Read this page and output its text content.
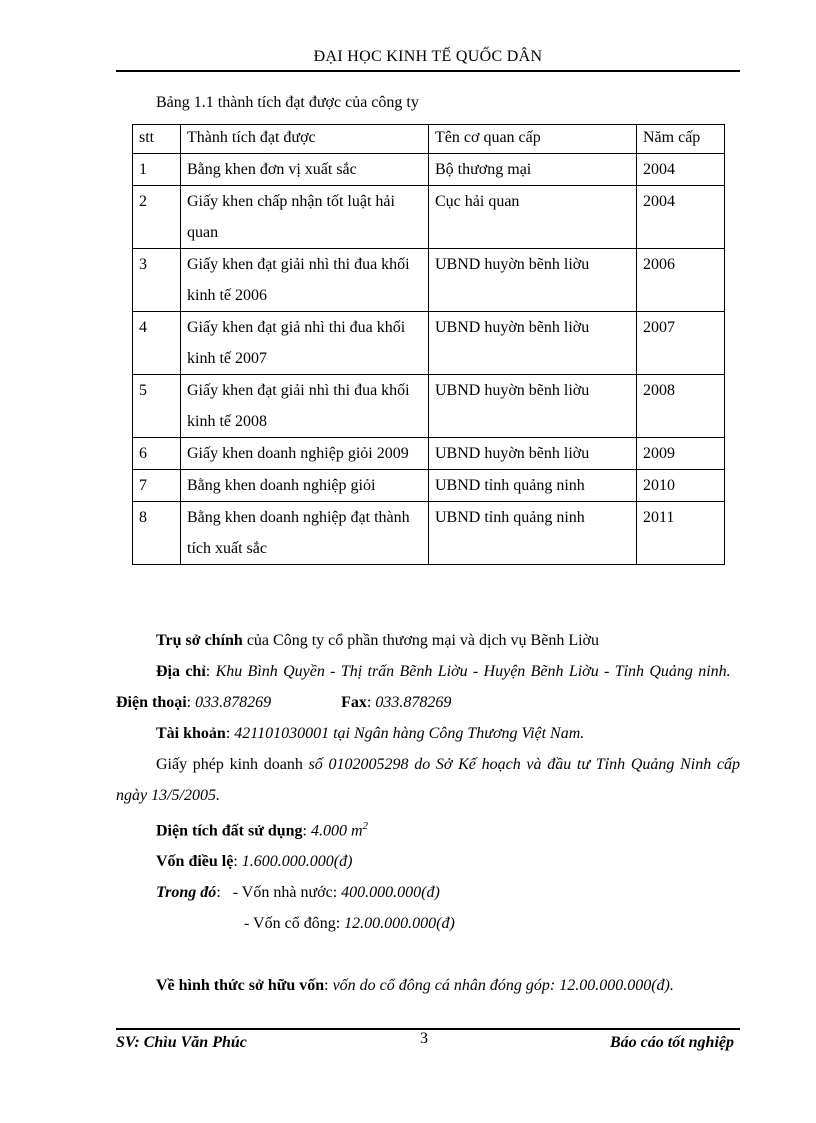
ĐẠI HỌC KINH TẾ QUỐC DÂN
Bảng 1.1 thành tích đạt được của công ty
stt	Thành tích đạt được	Tên cơ quan cấp	Năm cấp
1	Bằng khen đơn vị xuất sắc	Bộ thương mại	2004
2	Giấy khen chấp nhận tốt luật hải quan	Cục hải quan	2004
3	Giấy khen đạt giải nhì thi đua khối kinh tế 2006	UBND huyờn bẽnh liờu	2006
4	Giấy khen đạt giả nhì thi đua khối kinh tế 2007	UBND huyờn bẽnh liờu	2007
5	Giấy khen đạt giải nhì thi đua khối kinh tế 2008	UBND huyờn bẽnh liờu	2008
6	Giấy khen doanh nghiệp giỏi 2009	UBND huyờn bẽnh liờu	2009
7	Bằng khen doanh nghiệp giỏi	UBND tỉnh quảng ninh	2010
8	Bằng khen doanh nghiệp đạt thành tích xuất sắc	UBND tỉnh quảng ninh	2011

Trụ sở chính của Công ty cổ phần thương mại và dịch vụ Bẽnh Liờu

Địa chỉ: Khu Bình Quyền - Thị trấn Bẽnh Liờu - Huyện Bẽnh Liờu - Tỉnh Quảng ninh.   Điện thoại: 033.878269	Fax: 033.878269

Tài khoản: 421101030001 tại Ngân hàng Công Thương Việt Nam.

Giấy phép kinh doanh số 0102005298 do Sở Kế hoạch và đầu tư Tỉnh Quảng Ninh cấp ngày 13/5/2005.

Diện tích đất sử dụng: 4.000 $m^2$

Vốn điều lệ: 1.600.000.000(đ)

Trong đó:   - Vốn nhà nước: 400.000.000(đ)

- Vốn cổ đông: 12.00.000.000(đ)

Về hình thức sở hữu vốn: vốn do cổ đông cá nhân đóng góp: 12.00.000.000(đ).

SV: Chìu Văn Phúc	3	Báo cáo tốt nghiệp
